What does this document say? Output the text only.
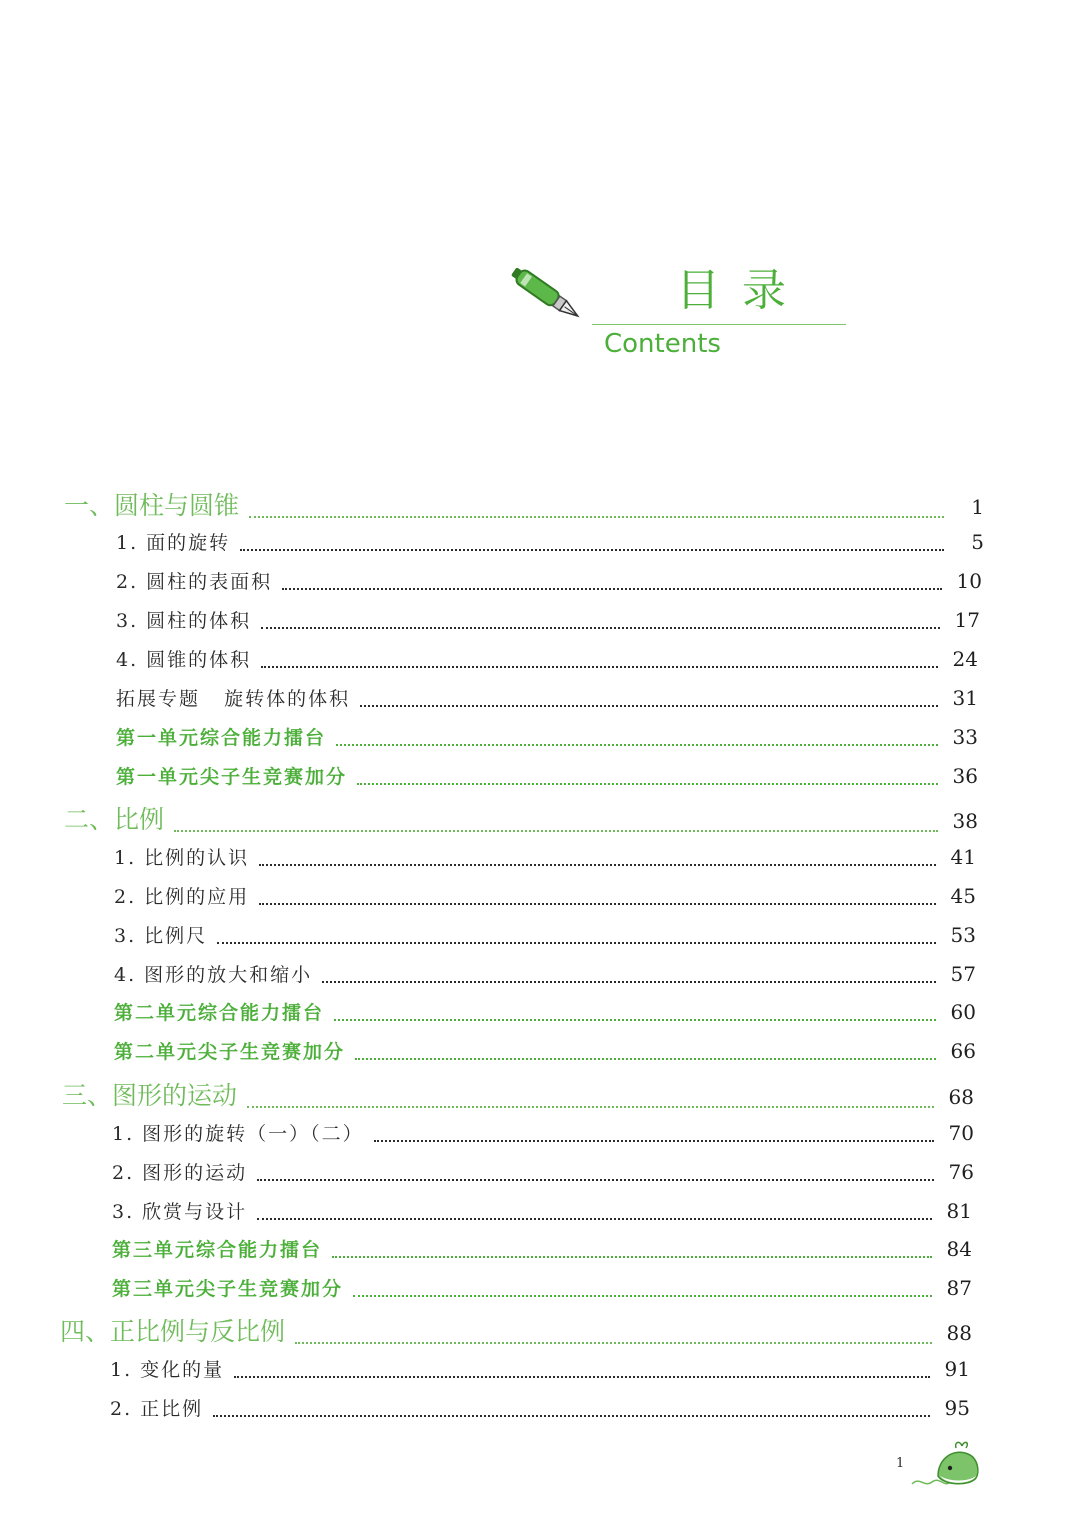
目录
Contents
一、圆柱与圆锥	1
1. 面的旋转	5
2. 圆柱的表面积	10
3. 圆柱的体积	17
4. 圆锥的体积	24
拓展专题   旋转体的体积	31
第一单元综合能力擂台	33
第一单元尖子生竞赛加分	36
二、比例	38
1. 比例的认识	41
2. 比例的应用	45
3. 比例尺	53
4. 图形的放大和缩小	57
第二单元综合能力擂台	60
第二单元尖子生竞赛加分	66
三、图形的运动	68
1. 图形的旋转（一）（二）	70
2. 图形的运动	76
3. 欣赏与设计	81
第三单元综合能力擂台	84
第三单元尖子生竞赛加分	87
四、正比例与反比例	88
1. 变化的量	91
2. 正比例	95
1
